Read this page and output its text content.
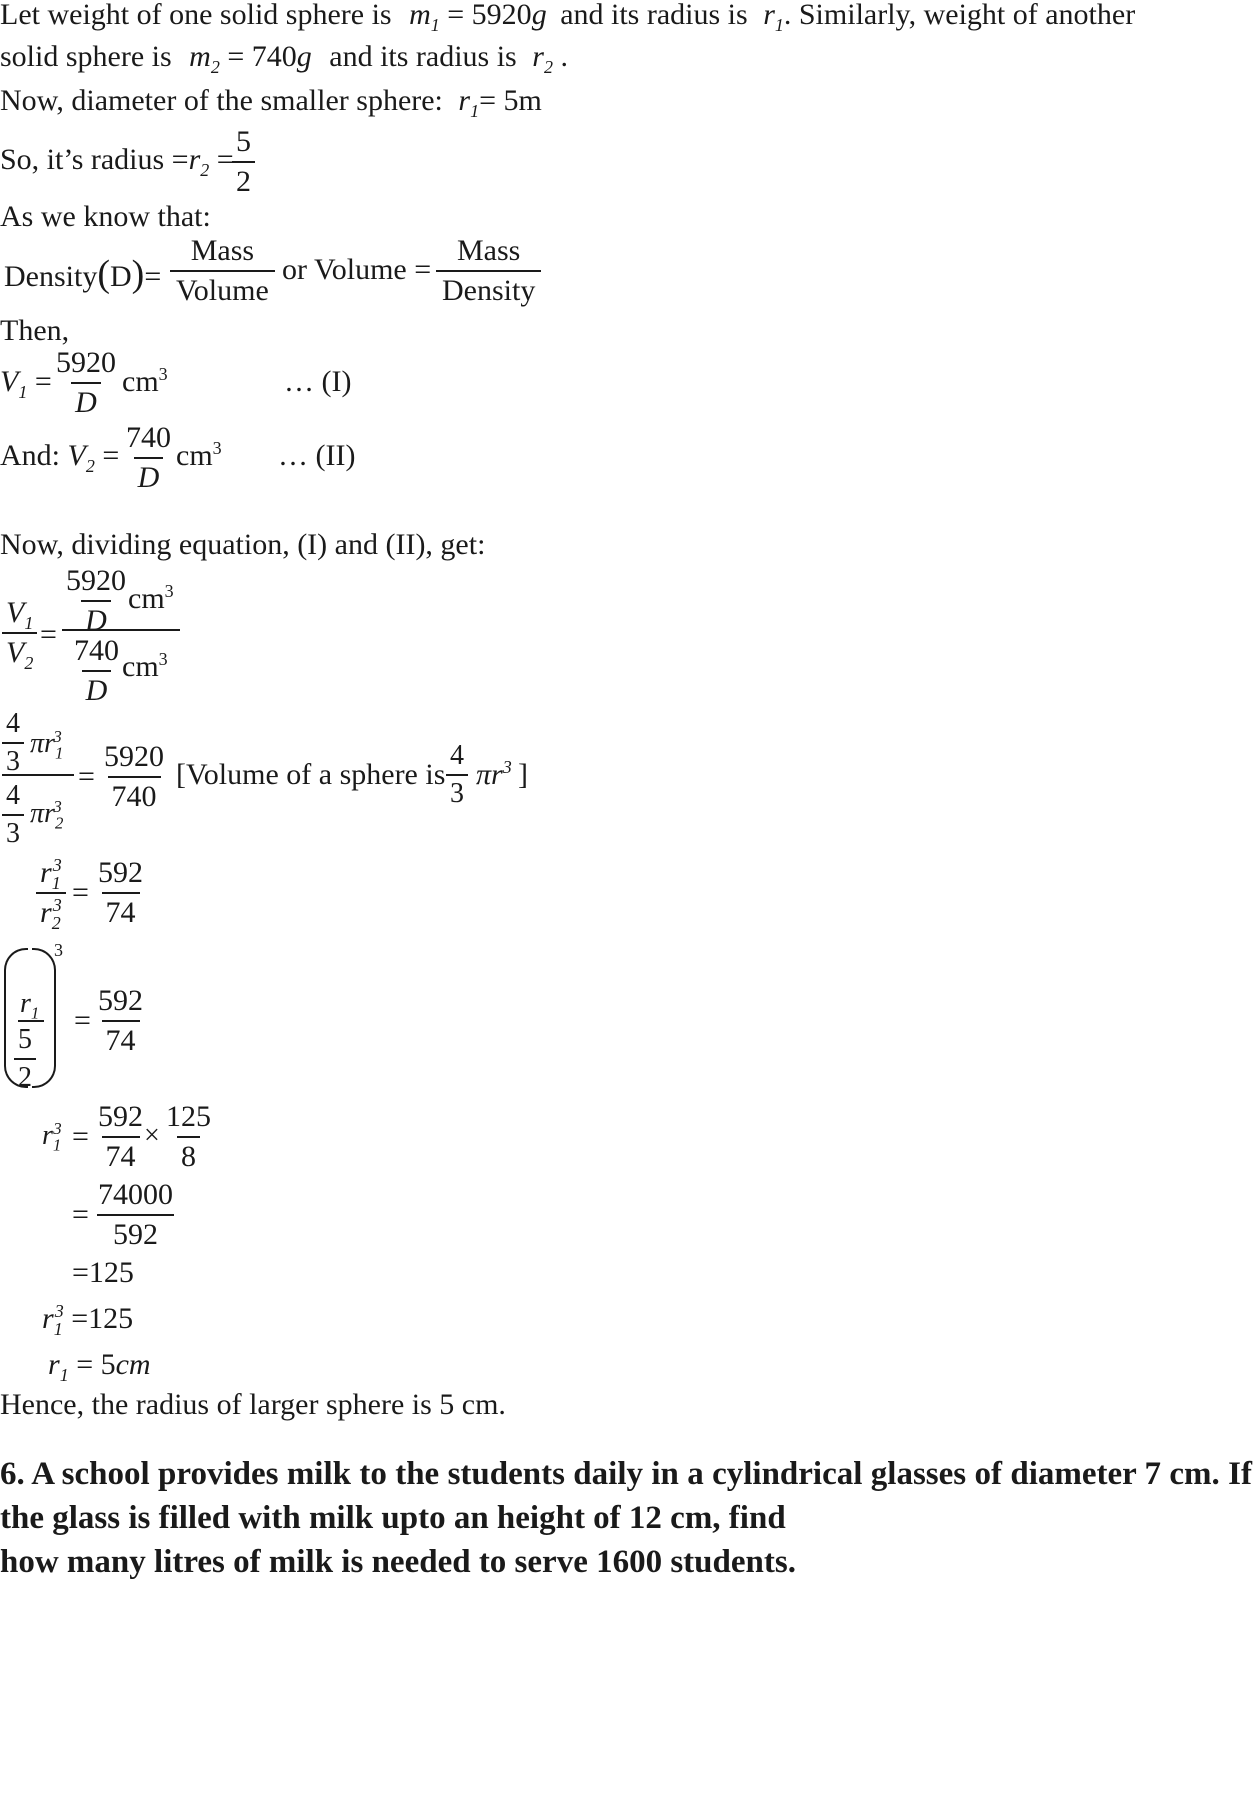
Let weight of one solid sphere is $m_1 = 5920g$ and its radius is $r_1$. Similarly, weight of another
solid sphere is $m_2 = 740g$ and its radius is $r_2$ .
Now, diameter of the smaller sphere: $r_1= 5m$
So, it’s radius $=r_2$ =
$\frac{5}{2}$
As we know that:
Density(D)=
Mass
Volume
or Volume =
Mass
Density
Then,
$V_1 = \frac{5920}{D} cm^3$	… (I)
And: $V_2 = \frac{740}{D} cm^3$ … (II)
Now, dividing equation, (I) and (II), get:
$\frac{V_1}{V_2} = \frac{5920}{D}$
$cm^3$
$\frac{740}{D} cm^3$
$\frac{4}{3} \pi r_1^3$
$\frac{4}{3} \pi r_2^3$
= $\frac{5920}{740}$ [Volume of a sphere is $\frac{4}{3} \pi r^3$ ]
$\frac{r_1^3}{r_2^3} = \frac{592}{74}$
3
$r_1$
$\frac{5}{2}$
= $\frac{592}{74}$
$r_1^3 = \frac{592}{74}$
× $\frac{125}{8}$
= $\frac{74000}{592}$
=125
$r_1^3 =125$
$r_1 = 5cm$
Hence, the radius of larger sphere is 5 cm.
6. A school provides milk to the students daily in a cylindrical glasses of diameter 7 cm. If the glass is filled with milk upto an height of 12 cm, find
how many litres of milk is needed to serve 1600 students.
